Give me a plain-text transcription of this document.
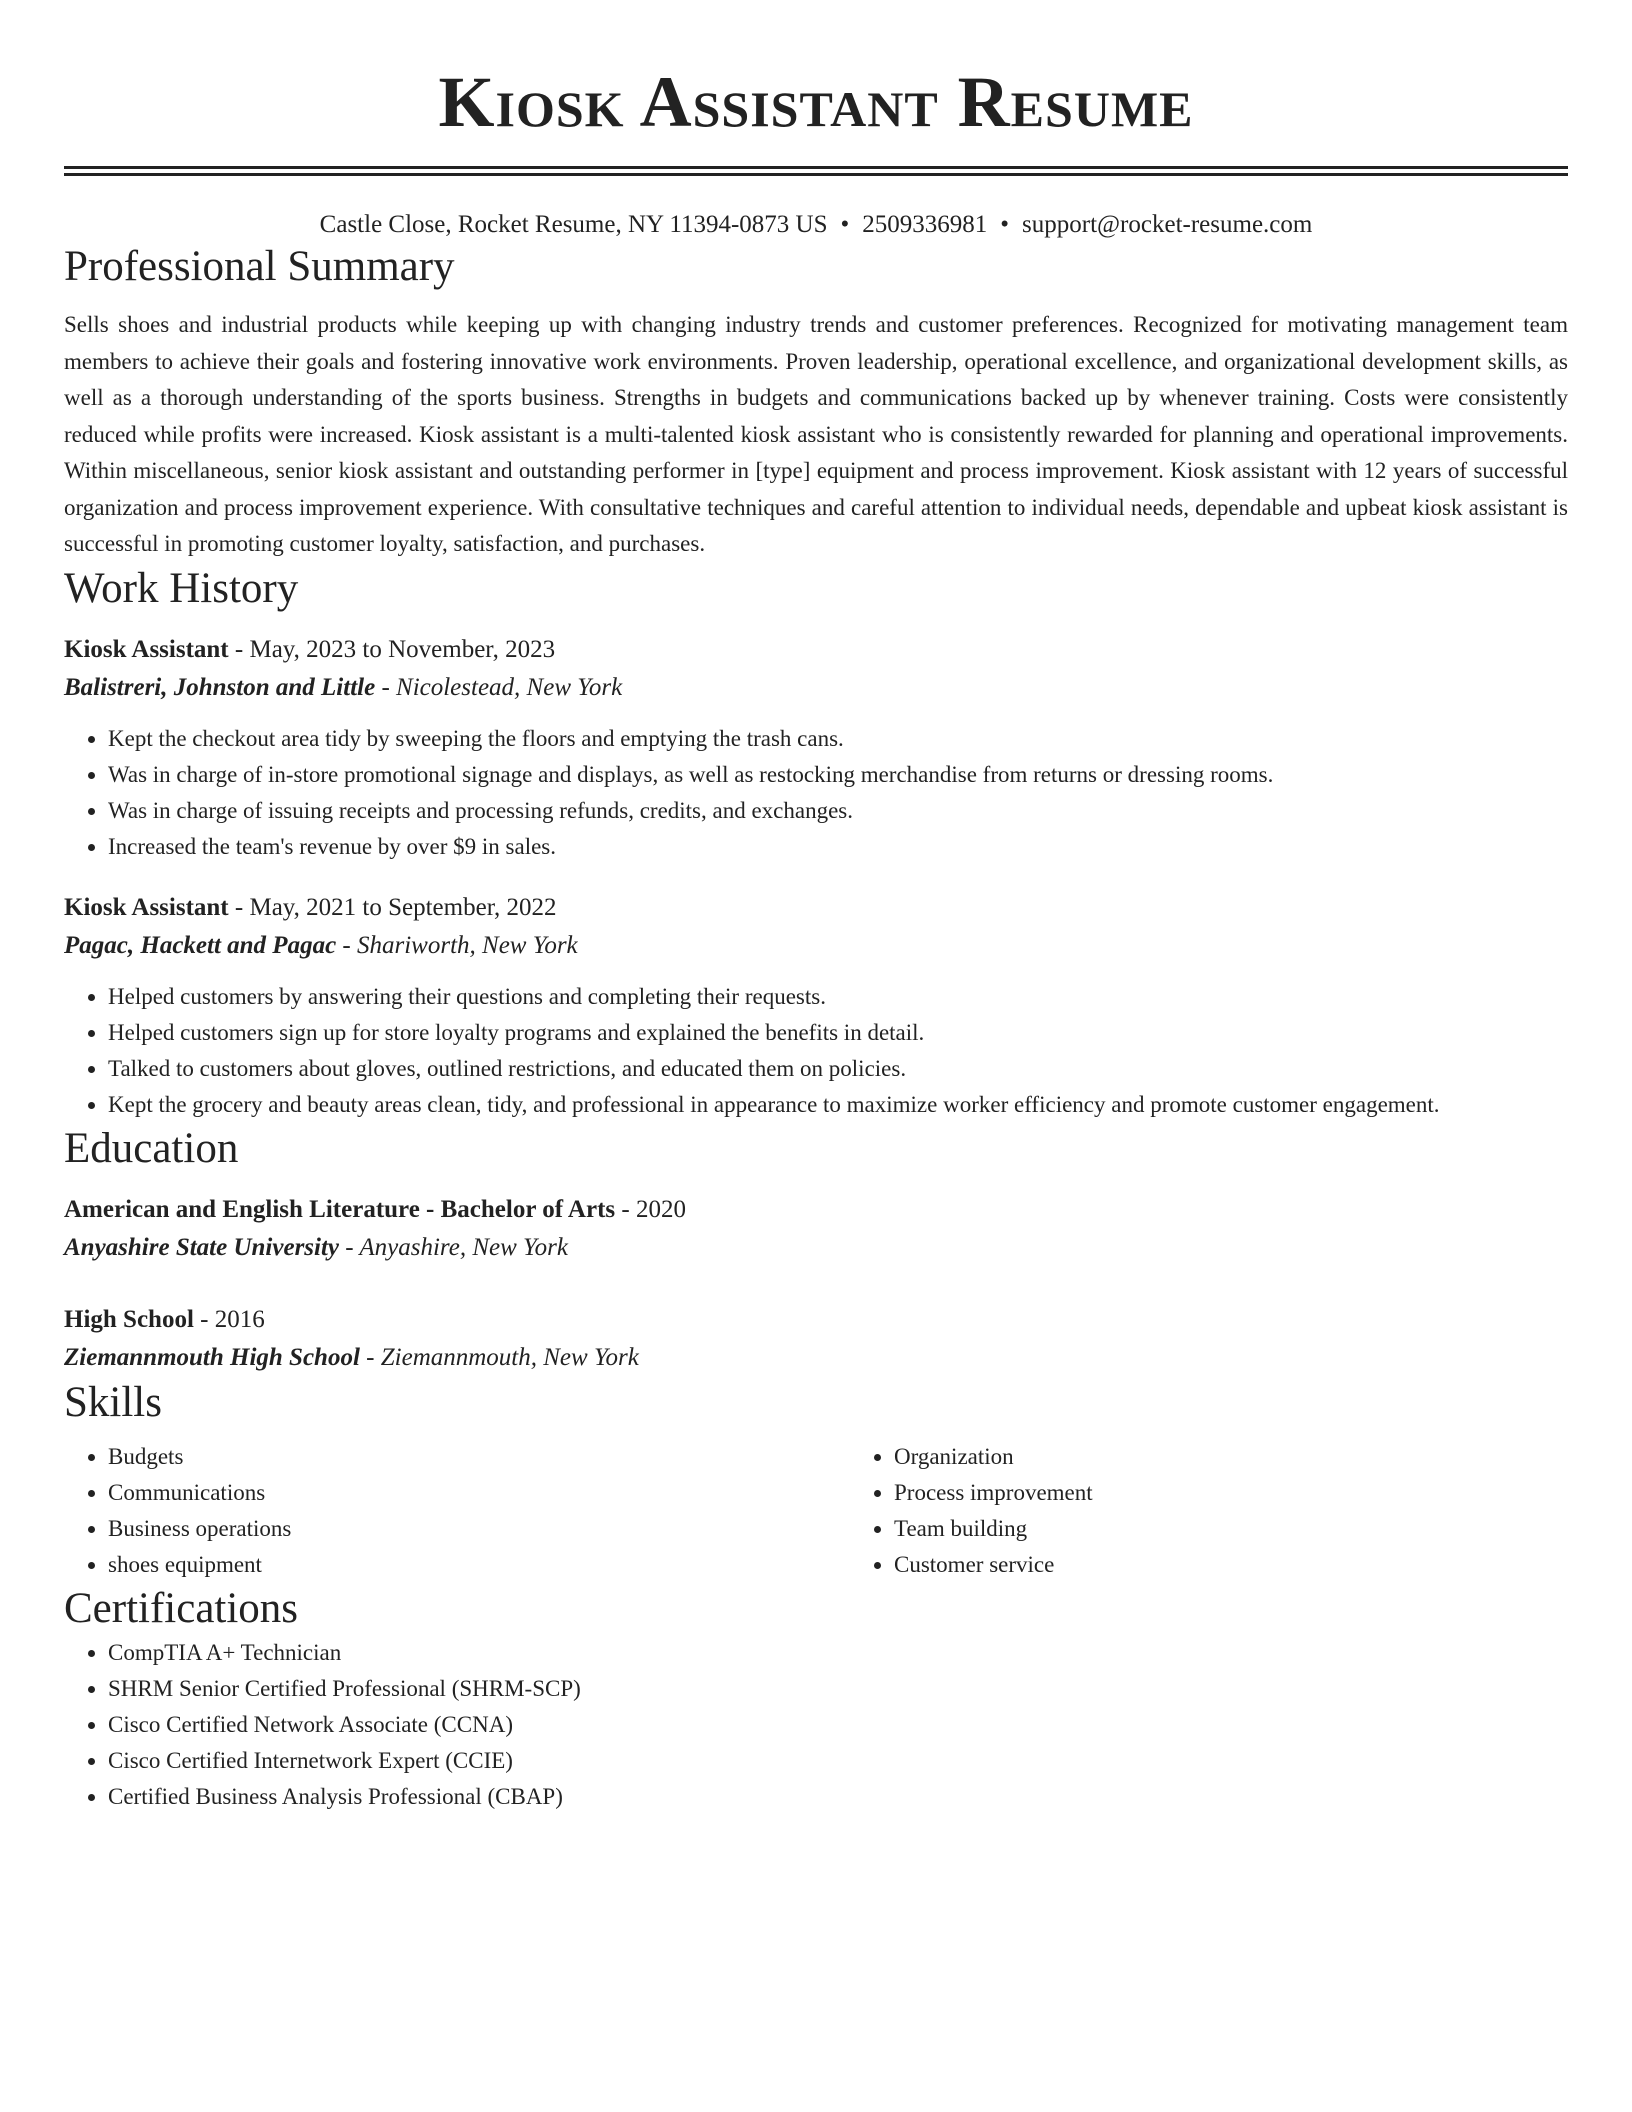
Kiosk Assistant Resume
Castle Close, Rocket Resume, NY 11394-0873 US • 2509336981 • support@rocket-resume.com
Professional Summary

Sells shoes and industrial products while keeping up with changing industry trends and customer preferences. Recognized for motivating management team members to achieve their goals and fostering innovative work environments. Proven leadership, operational excellence, and organizational development skills, as well as a thorough understanding of the sports business. Strengths in budgets and communications backed up by whenever training. Costs were consistently reduced while profits were increased. Kiosk assistant is a multi-talented kiosk assistant who is consistently rewarded for planning and operational improvements. Within miscellaneous, senior kiosk assistant and outstanding performer in [type] equipment and process improvement. Kiosk assistant with 12 years of successful organization and process improvement experience. With consultative techniques and careful attention to individual needs, dependable and upbeat kiosk assistant is successful in promoting customer loyalty, satisfaction, and purchases.

Work History
Kiosk Assistant - May, 2023 to November, 2023
Balistreri, Johnston and Little - Nicolestead, New York
• Kept the checkout area tidy by sweeping the floors and emptying the trash cans.
• Was in charge of in-store promotional signage and displays, as well as restocking merchandise from returns or dressing rooms.
• Was in charge of issuing receipts and processing refunds, credits, and exchanges.
• Increased the team's revenue by over $9 in sales.
Kiosk Assistant - May, 2021 to September, 2022
Pagac, Hackett and Pagac - Shariworth, New York
• Helped customers by answering their questions and completing their requests.
• Helped customers sign up for store loyalty programs and explained the benefits in detail.
• Talked to customers about gloves, outlined restrictions, and educated them on policies.
• Kept the grocery and beauty areas clean, tidy, and professional in appearance to maximize worker efficiency and promote customer engagement.
Education
American and English Literature - Bachelor of Arts - 2020
Anyashire State University - Anyashire, New York
High School - 2016
Ziemannmouth High School - Ziemannmouth, New York
Skills
• Budgets
• Communications
• Business operations
• shoes equipment
• Organization
• Process improvement
• Team building
• Customer service
Certifications
• CompTIA A+ Technician
• SHRM Senior Certified Professional (SHRM-SCP)
• Cisco Certified Network Associate (CCNA)
• Cisco Certified Internetwork Expert (CCIE)
• Certified Business Analysis Professional (CBAP)
